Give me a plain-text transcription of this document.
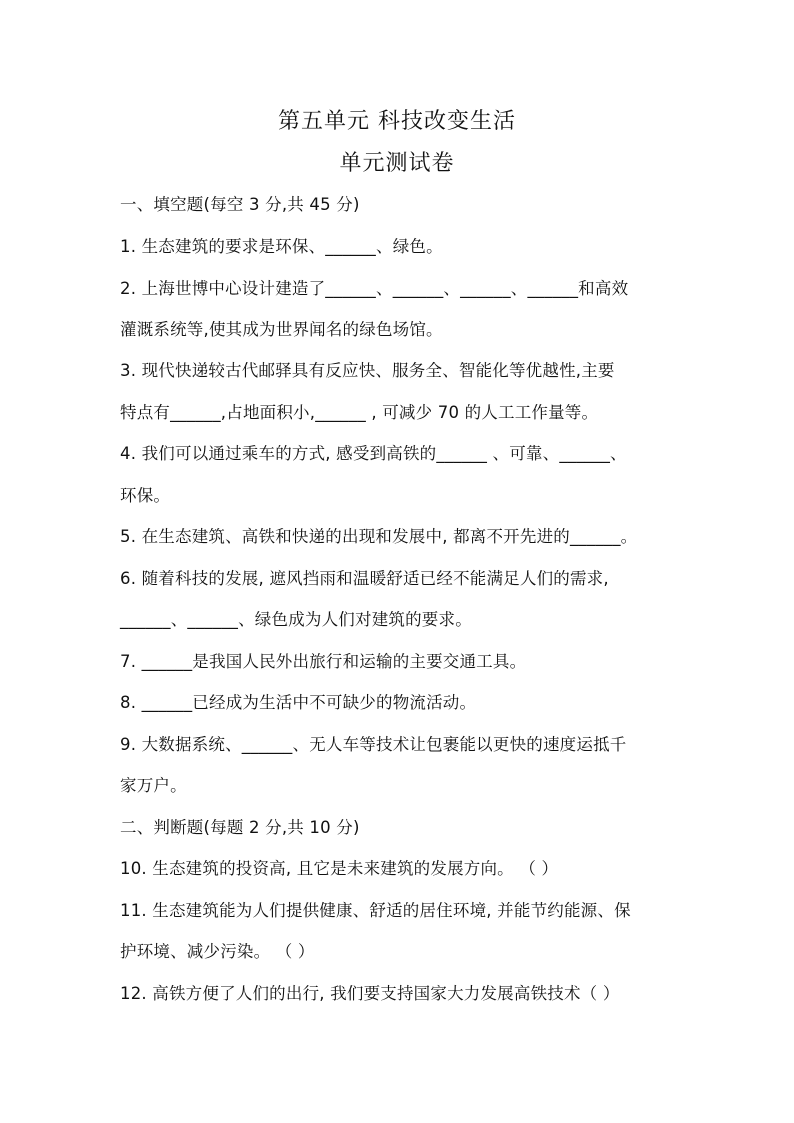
第五单元 科技改变生活
单元测试卷
一、填空题(每空 3 分,共 45 分)
1. 生态建筑的要求是环保、______、绿色。
2. 上海世博中心设计建造了______、______、______、______和高效
灌溉系统等,使其成为世界闻名的绿色场馆。
3. 现代快递较古代邮驿具有反应快、服务全、智能化等优越性,主要
特点有______,占地面积小,______ , 可减少 70 的人工工作量等。
4. 我们可以通过乘车的方式, 感受到高铁的______ 、可靠、______、
环保。
5. 在生态建筑、高铁和快递的出现和发展中, 都离不开先进的______。
6. 随着科技的发展, 遮风挡雨和温暖舒适已经不能满足人们的需求,
______、______、绿色成为人们对建筑的要求。
7. ______是我国人民外出旅行和运输的主要交通工具。
8. ______已经成为生活中不可缺少的物流活动。
9. 大数据系统、______、无人车等技术让包裹能以更快的速度运抵千
家万户。
二、判断题(每题 2 分,共 10 分)
10. 生态建筑的投资高, 且它是未来建筑的发展方向。 （ ）
11. 生态建筑能为人们提供健康、舒适的居住环境, 并能节约能源、保
护环境、减少污染。 （ ）
12. 高铁方便了人们的出行, 我们要支持国家大力发展高铁技术（ ）
